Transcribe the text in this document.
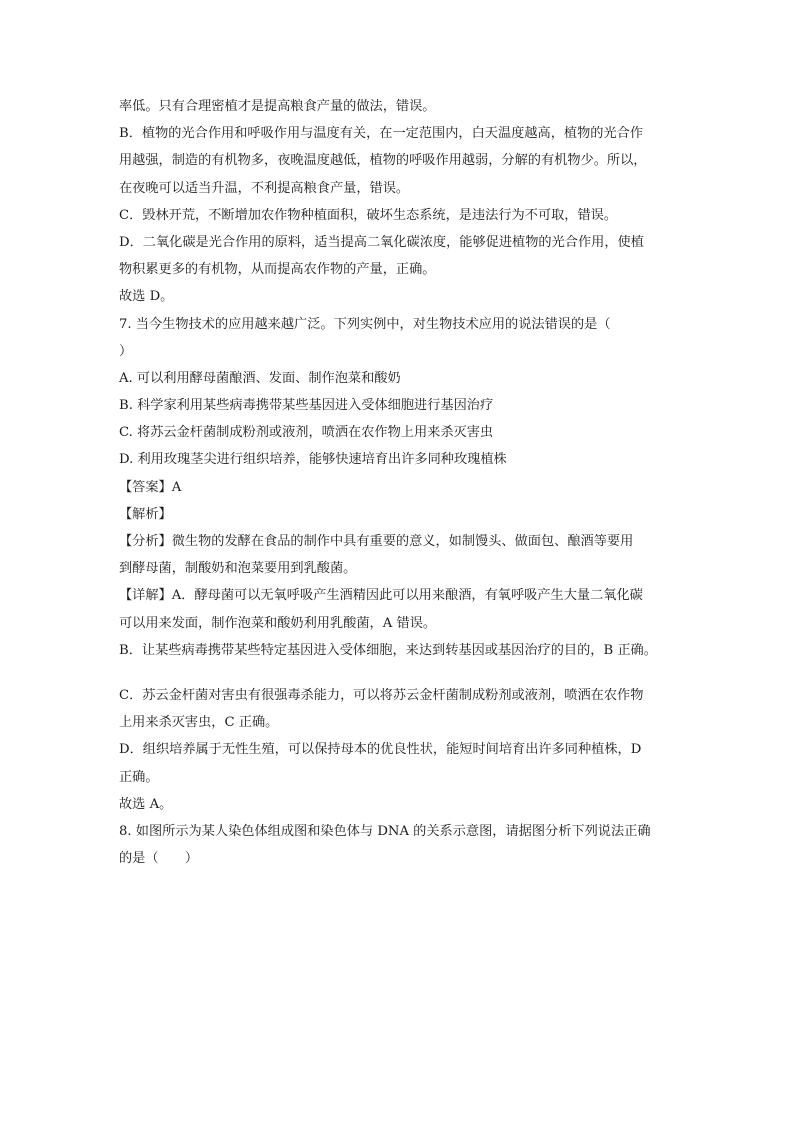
率低。只有合理密植才是提高粮食产量的做法，错误。
B．植物的光合作用和呼吸作用与温度有关，在一定范围内，白天温度越高，植物的光合作
用越强，制造的有机物多，夜晚温度越低，植物的呼吸作用越弱，分解的有机物少。所以，
在夜晚可以适当升温，不利提高粮食产量，错误。
C．毁林开荒，不断增加农作物种植面积，破坏生态系统，是违法行为不可取，错误。
D．二氧化碳是光合作用的原料，适当提高二氧化碳浓度，能够促进植物的光合作用，使植
物积累更多的有机物，从而提高农作物的产量，正确。
故选 D。
7. 当今生物技术的应用越来越广泛。下列实例中，对生物技术应用的说法错误的是（
）
A. 可以利用酵母菌酿酒、发面、制作泡菜和酸奶
B. 科学家利用某些病毒携带某些基因进入受体细胞进行基因治疗
C. 将苏云金杆菌制成粉剂或液剂，喷洒在农作物上用来杀灭害虫
D. 利用玫瑰茎尖进行组织培养，能够快速培育出许多同种玫瑰植株
【答案】A
【解析】
【分析】微生物的发酵在食品的制作中具有重要的意义，如制馒头、做面包、酿酒等要用
到酵母菌，制酸奶和泡菜要用到乳酸菌。
【详解】A．酵母菌可以无氧呼吸产生酒精因此可以用来酿酒，有氧呼吸产生大量二氧化碳
可以用来发面，制作泡菜和酸奶利用乳酸菌，A 错误。
B．让某些病毒携带某些特定基因进入受体细胞，来达到转基因或基因治疗的目的，B 正确。
C．苏云金杆菌对害虫有很强毒杀能力，可以将苏云金杆菌制成粉剂或液剂，喷洒在农作物
上用来杀灭害虫，C 正确。
D．组织培养属于无性生殖，可以保持母本的优良性状，能短时间培育出许多同种植株，D
正确。
故选 A。
8. 如图所示为某人染色体组成图和染色体与 DNA 的关系示意图，请据图分析下列说法正确
的是（　　）
